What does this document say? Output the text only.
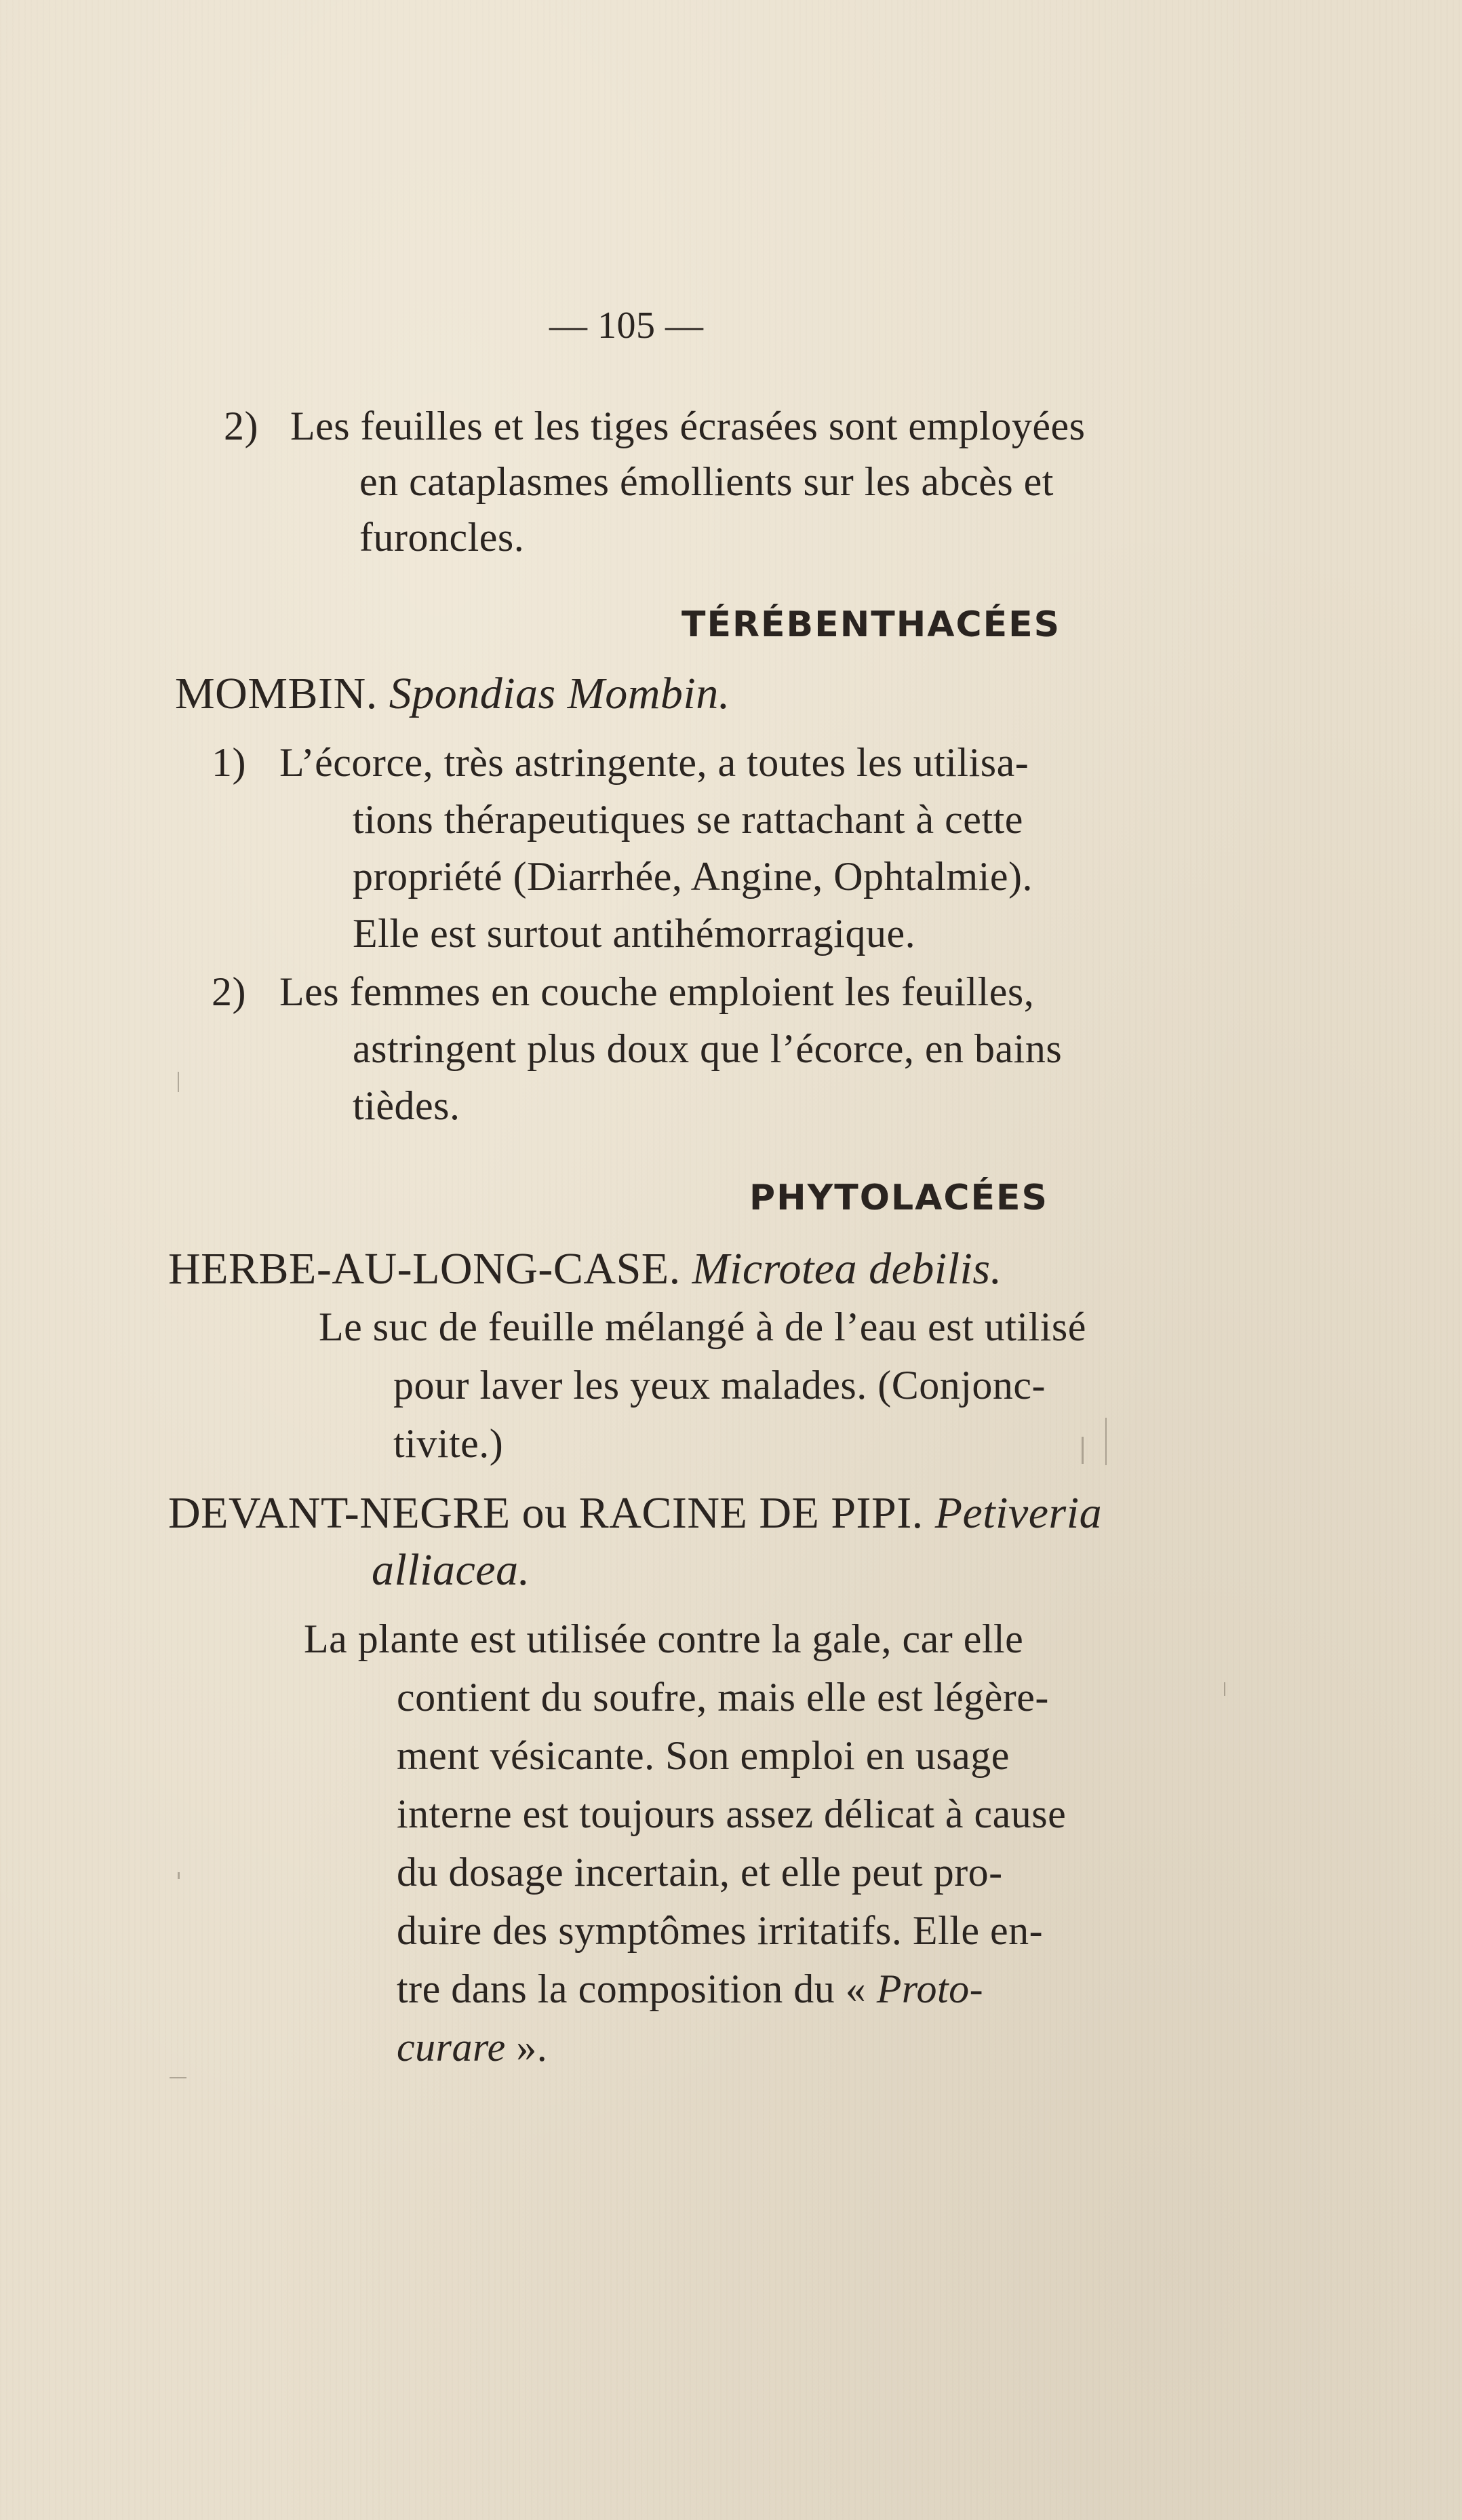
— 105 —
2) Les feuilles et les tiges écrasées sont employées
en cataplasmes émollients sur les abcès et
furoncles.
TÉRÉBENTHACÉES
MOMBIN. Spondias Mombin.
1) L’écorce, très astringente, a toutes les utilisa-
tions thérapeutiques se rattachant à cette
propriété (Diarrhée, Angine, Ophtalmie).
Elle est surtout antihémorragique.
2) Les femmes en couche emploient les feuilles,
astringent plus doux que l’écorce, en bains
tièdes.
PHYTOLACÉES
HERBE-AU-LONG-CASE. Microtea debilis.
Le suc de feuille mélangé à de l’eau est utilisé
pour laver les yeux malades. (Conjonc-
tivite.)
DEVANT-NEGRE ou RACINE DE PIPI. Petiveria
alliacea.
La plante est utilisée contre la gale, car elle
contient du soufre, mais elle est légère-
ment vésicante. Son emploi en usage
interne est toujours assez délicat à cause
du dosage incertain, et elle peut pro-
duire des symptômes irritatifs. Elle en-
tre dans la composition du « Proto-
curare ».
